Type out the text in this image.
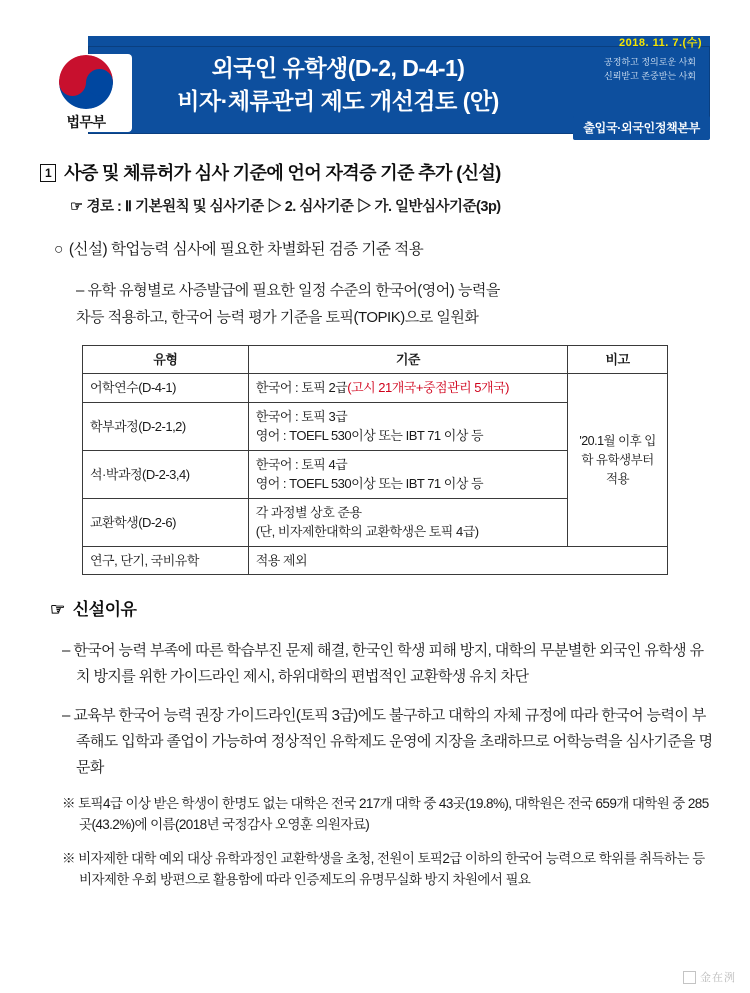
2018. 11. 7.(수)
법무부
외국인 유학생(D-2, D-4-1)
비자·체류관리 제도 개선검토 (안)
공정하고 정의로운 사회
신뢰받고 존중받는 사회
출입국·외국인정책본부
1 사증 및 체류허가 심사 기준에 언어 자격증 기준 추가 (신설)
☞ 경로 : Ⅱ 기본원칙 및 심사기준 ▷ 2. 심사기준 ▷ 가. 일반심사기준(3p)
○ (신설) 학업능력 심사에 필요한 차별화된 검증 기준 적용
– 유학 유형별로 사증발급에 필요한 일정 수준의 한국어(영어) 능력을
차등 적용하고, 한국어 능력 평가 기준을 토픽(TOPIK)으로 일원화
유형	기준	비고
어학연수(D-4-1)	한국어 : 토픽 2급(고시 21개국+중점관리 5개국)	'20.1월 이후 입학 유학생부터 적용
학부과정(D-2-1,2)	한국어 : 토픽 3급
영어 : TOEFL 530이상 또는 IBT 71 이상 등	

석·박과정(D-2-3,4)	한국어 : 토픽 4급
영어 : TOEFL 530이상 또는 IBT 71 이상 등	

교환학생(D-2-6)	각 과정별 상호 준용
(단, 비자제한대학의 교환학생은 토픽 4급)	

연구, 단기, 국비유학	적용 제외	
☞ 신설이유
– 한국어 능력 부족에 따른 학습부진 문제 해결, 한국인 학생 피해 방지, 대학의 무분별한 외국인 유학생 유치 방지를 위한 가이드라인 제시, 하위대학의 편법적인 교환학생 유치 차단
– 교육부 한국어 능력 권장 가이드라인(토픽 3급)에도 불구하고 대학의 자체 규정에 따라 한국어 능력이 부족해도 입학과 졸업이 가능하여 정상적인 유학제도 운영에 지장을 초래하므로 어학능력을 심사기준을 명문화
※ 토픽4급 이상 받은 학생이 한명도 없는 대학은 전국 217개 대학 중 43곳(19.8%), 대학원은 전국 659개 대학원 중 285곳(43.2%)에 이름(2018년 국정감사 오영훈 의원자료)
※ 비자제한 대학 예외 대상 유학과정인 교환학생을 초청, 전원이 토픽2급 이하의 한국어 능력으로 학위를 취득하는 등 비자제한 우회 방편으로 활용함에 따라 인증제도의 유명무실화 방지 차원에서 필요
金在洌
